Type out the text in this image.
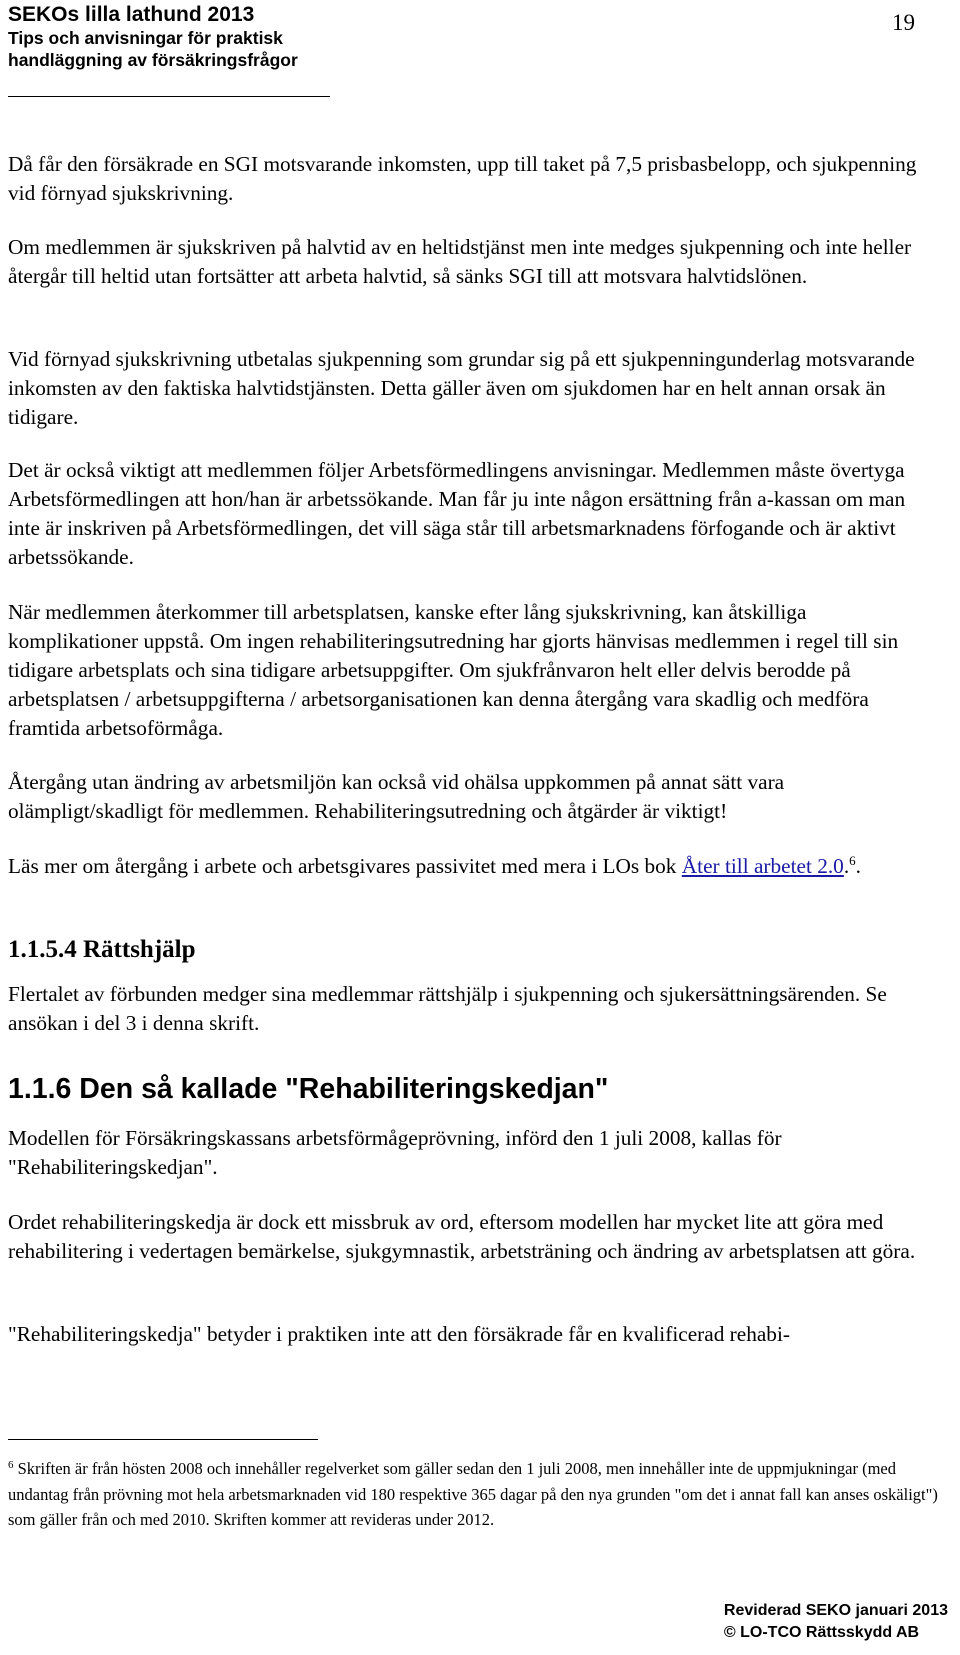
SEKOs lilla lathund 2013
Tips och anvisningar för praktisk
handläggning av försäkringsfrågor
19

Då får den försäkrade en SGI motsvarande inkomsten, upp till taket på 7,5 prisbasbelopp, och sjukpenning vid förnyad sjukskrivning.

Om medlemmen är sjukskriven på halvtid av en heltidstjänst men inte medges sjukpenning och inte heller återgår till heltid utan fortsätter att arbeta halvtid, så sänks SGI till att motsvara halvtidslönen.

Vid förnyad sjukskrivning utbetalas sjukpenning som grundar sig på ett sjukpenningunderlag motsvarande inkomsten av den faktiska halvtidstjänsten. Detta gäller även om sjukdomen har en helt annan orsak än tidigare.

Det är också viktigt att medlemmen följer Arbetsförmedlingens anvisningar. Medlemmen måste övertyga Arbetsförmedlingen att hon/han är arbetssökande. Man får ju inte någon ersättning från a-kassan om man inte är inskriven på Arbetsförmedlingen, det vill säga står till arbetsmarknadens förfogande och är aktivt arbetssökande.

När medlemmen återkommer till arbetsplatsen, kanske efter lång sjukskrivning, kan åtskilliga komplikationer uppstå. Om ingen rehabiliteringsutredning har gjorts hänvisas medlemmen i regel till sin tidigare arbetsplats och sina tidigare arbetsuppgifter. Om sjukfrånvaron helt eller delvis berodde på arbetsplatsen / arbetsuppgifterna / arbetsorganisationen kan denna återgång vara skadlig och medföra framtida arbetsoförmåga.

Återgång utan ändring av arbetsmiljön kan också vid ohälsa uppkommen på annat sätt vara olämpligt/skadligt för medlemmen. Rehabiliteringsutredning och åtgärder är viktigt!

Läs mer om återgång i arbete och arbetsgivares passivitet med mera i LOs bok Åter till arbetet 2.0.$^6$.

1.1.5.4 Rättshjälp

Flertalet av förbunden medger sina medlemmar rättshjälp i sjukpenning och sjukersättningsärenden. Se ansökan i del 3 i denna skrift.

1.1.6 Den så kallade "Rehabiliteringskedjan"

Modellen för Försäkringskassans arbetsförmågeprövning, införd den 1 juli 2008, kallas för "Rehabiliteringskedjan".

Ordet rehabiliteringskedja är dock ett missbruk av ord, eftersom modellen har mycket lite att göra med rehabilitering i vedertagen bemärkelse, sjukgymnastik, arbetsträning och ändring av arbetsplatsen att göra.

"Rehabiliteringskedja" betyder i praktiken inte att den försäkrade får en kvalificerad rehabi-

$^6$ Skriften är från hösten 2008 och innehåller regelverket som gäller sedan den 1 juli 2008, men innehåller inte de uppmjukningar (med undantag från prövning mot hela arbetsmarknaden vid 180 respektive 365 dagar på den nya grunden "om det i annat fall kan anses oskäligt") som gäller från och med 2010. Skriften kommer att revideras under 2012.

Reviderad SEKO januari 2013
© LO-TCO Rättsskydd AB
